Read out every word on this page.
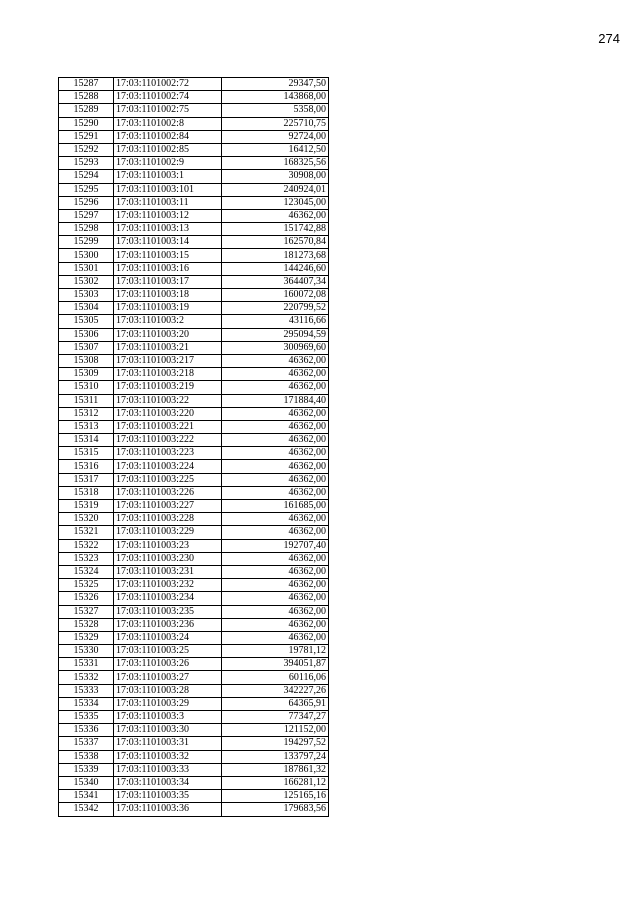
274
15287	17:03:1101002:72	29347,50
15288	17:03:1101002:74	143868,00
15289	17:03:1101002:75	5358,00
15290	17:03:1101002:8	225710,75
15291	17:03:1101002:84	92724,00
15292	17:03:1101002:85	16412,50
15293	17:03:1101002:9	168325,56
15294	17:03:1101003:1	30908,00
15295	17:03:1101003:101	240924,01
15296	17:03:1101003:11	123045,00
15297	17:03:1101003:12	46362,00
15298	17:03:1101003:13	151742,88
15299	17:03:1101003:14	162570,84
15300	17:03:1101003:15	181273,68
15301	17:03:1101003:16	144246,60
15302	17:03:1101003:17	364407,34
15303	17:03:1101003:18	160072,08
15304	17:03:1101003:19	220799,52
15305	17:03:1101003:2	43116,66
15306	17:03:1101003:20	295094,59
15307	17:03:1101003:21	300969,60
15308	17:03:1101003:217	46362,00
15309	17:03:1101003:218	46362,00
15310	17:03:1101003:219	46362,00
15311	17:03:1101003:22	171884,40
15312	17:03:1101003:220	46362,00
15313	17:03:1101003:221	46362,00
15314	17:03:1101003:222	46362,00
15315	17:03:1101003:223	46362,00
15316	17:03:1101003:224	46362,00
15317	17:03:1101003:225	46362,00
15318	17:03:1101003:226	46362,00
15319	17:03:1101003:227	161685,00
15320	17:03:1101003:228	46362,00
15321	17:03:1101003:229	46362,00
15322	17:03:1101003:23	192707,40
15323	17:03:1101003:230	46362,00
15324	17:03:1101003:231	46362,00
15325	17:03:1101003:232	46362,00
15326	17:03:1101003:234	46362,00
15327	17:03:1101003:235	46362,00
15328	17:03:1101003:236	46362,00
15329	17:03:1101003:24	46362,00
15330	17:03:1101003:25	19781,12
15331	17:03:1101003:26	394051,87
15332	17:03:1101003:27	60116,06
15333	17:03:1101003:28	342227,26
15334	17:03:1101003:29	64365,91
15335	17:03:1101003:3	77347,27
15336	17:03:1101003:30	121152,00
15337	17:03:1101003:31	194297,52
15338	17:03:1101003:32	133797,24
15339	17:03:1101003:33	187861,32
15340	17:03:1101003:34	166281,12
15341	17:03:1101003:35	125165,16
15342	17:03:1101003:36	179683,56
